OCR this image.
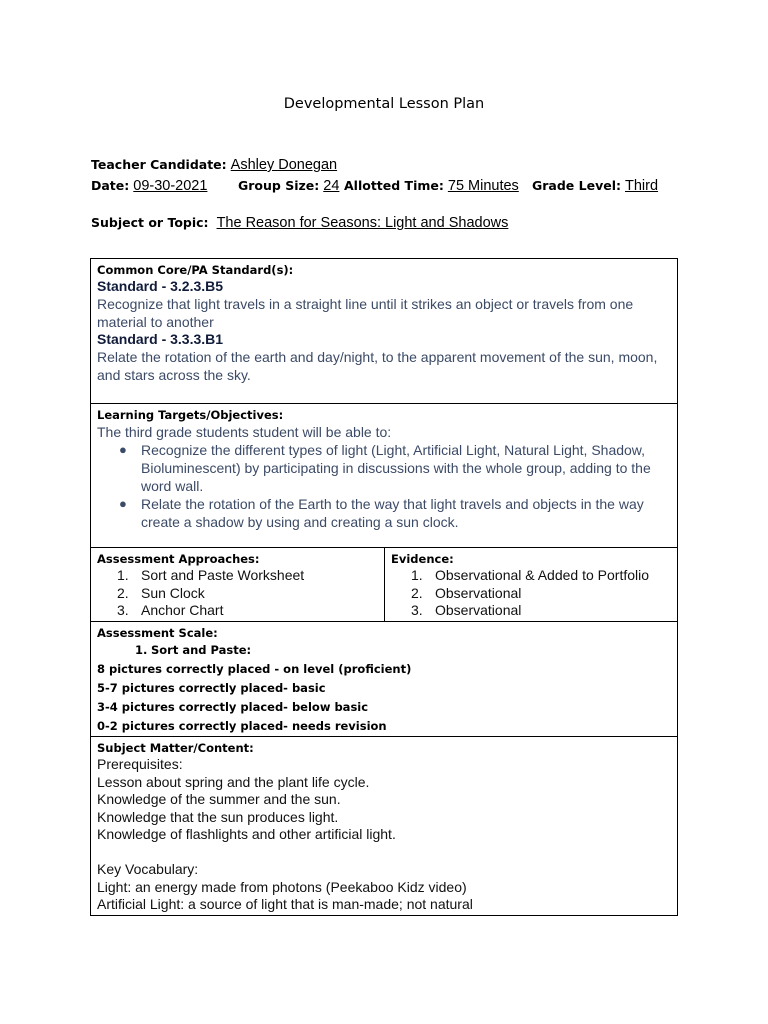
Developmental Lesson Plan
Teacher Candidate: Ashley Donegan
Date: 09-30-2021 Group Size: 24 Allotted Time: 75 Minutes Grade Level: Third
Subject or Topic: The Reason for Seasons: Light and Shadows
Common Core/PA Standard(s):
Standard - 3.2.3.B5
Recognize that light travels in a straight line until it strikes an object or travels from one material to another
Standard - 3.3.3.B1
Relate the rotation of the earth and day/night, to the apparent movement of the sun, moon, and stars across the sky.
Learning Targets/Objectives:
The third grade students student will be able to:
● Recognize the different types of light (Light, Artificial Light, Natural Light, Shadow, Bioluminescent) by participating in discussions with the whole group, adding to the word wall.
● Relate the rotation of the Earth to the way that light travels and objects in the way create a shadow by using and creating a sun clock.
Assessment Approaches:
1. Sort and Paste Worksheet
2. Sun Clock
3. Anchor Chart
Evidence:
1. Observational & Added to Portfolio
2. Observational
3. Observational
Assessment Scale:
1. Sort and Paste:
8 pictures correctly placed - on level (proficient)
5-7 pictures correctly placed- basic
3-4 pictures correctly placed- below basic
0-2 pictures correctly placed- needs revision
Subject Matter/Content:
Prerequisites:
Lesson about spring and the plant life cycle.
Knowledge of the summer and the sun.
Knowledge that the sun produces light.
Knowledge of flashlights and other artificial light.
Key Vocabulary:
Light: an energy made from photons (Peekaboo Kidz video)
Artificial Light: a source of light that is man-made; not natural
